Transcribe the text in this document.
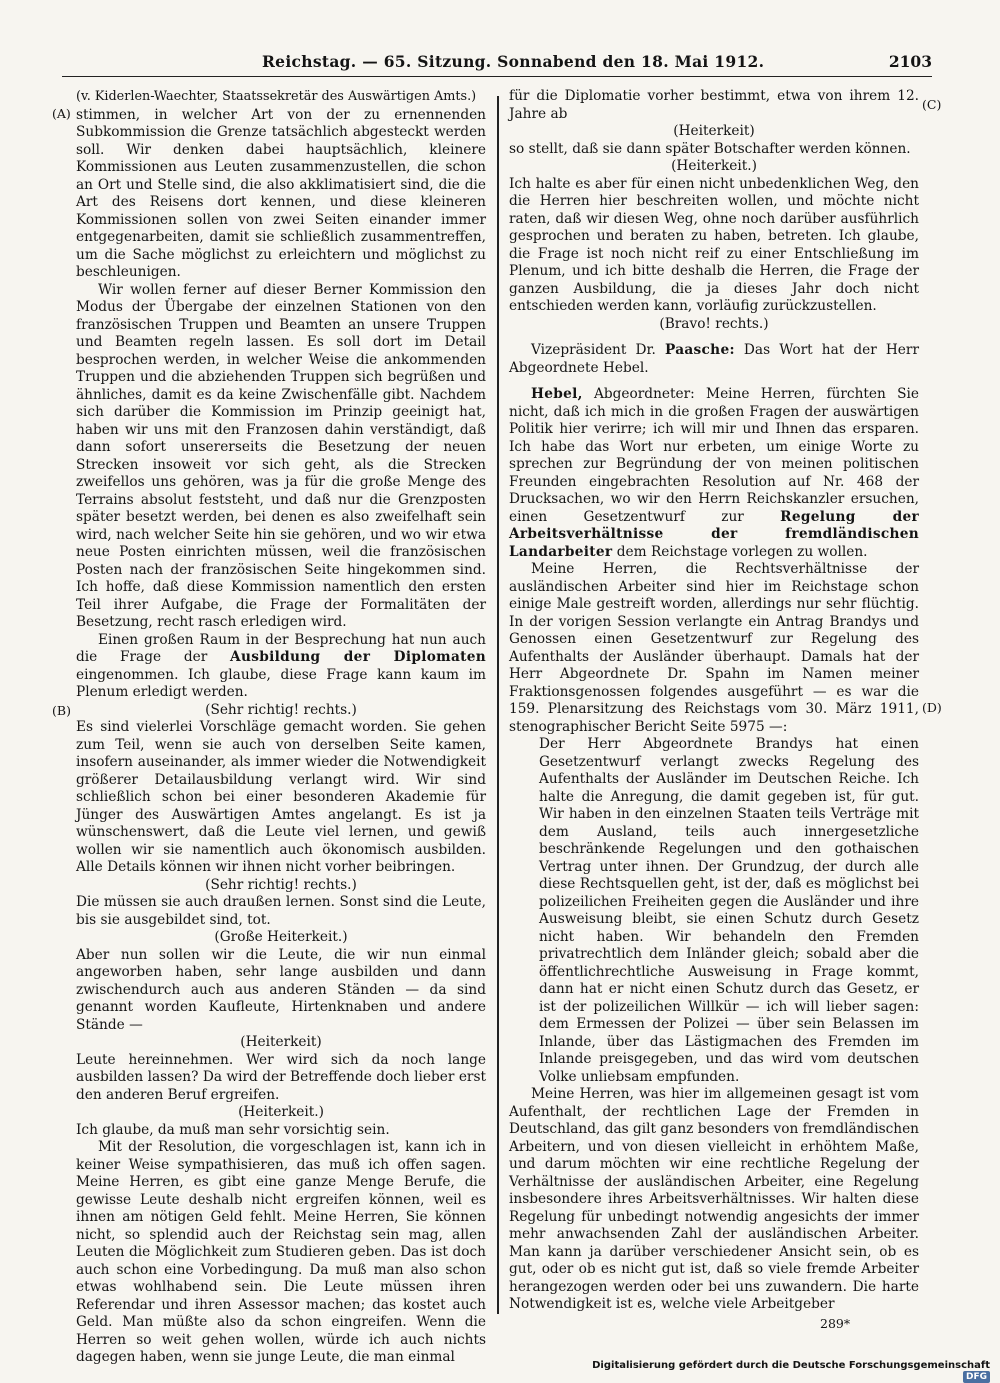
Reichstag. — 65. Sitzung. Sonnabend den 18. Mai 1912.	2103
(A)
(B)
(C)
(D)

(v. Kiderlen-Waechter, Staatssekretär des Auswärtigen Amts.)

stimmen, in welcher Art von der zu ernennenden Subkommission die Grenze tatsächlich abgesteckt werden soll. Wir denken dabei hauptsächlich, kleinere Kommissionen aus Leuten zusammenzustellen, die schon an Ort und Stelle sind, die also akklimatisiert sind, die die Art des Reisens dort kennen, und diese kleineren Kommissionen sollen von zwei Seiten einander immer entgegenarbeiten, damit sie schließlich zusammentreffen, um die Sache möglichst zu erleichtern und möglichst zu beschleunigen.

Wir wollen ferner auf dieser Berner Kommission den Modus der Übergabe der einzelnen Stationen von den französischen Truppen und Beamten an unsere Truppen und Beamten regeln lassen. Es soll dort im Detail besprochen werden, in welcher Weise die ankommenden Truppen und die abziehenden Truppen sich begrüßen und ähnliches, damit es da keine Zwischenfälle gibt. Nachdem sich darüber die Kommission im Prinzip geeinigt hat, haben wir uns mit den Franzosen dahin verständigt, daß dann sofort unsererseits die Besetzung der neuen Strecken insoweit vor sich geht, als die Strecken zweifellos uns gehören, was ja für die große Menge des Terrains absolut feststeht, und daß nur die Grenzposten später besetzt werden, bei denen es also zweifelhaft sein wird, nach welcher Seite hin sie gehören, und wo wir etwa neue Posten einrichten müssen, weil die französischen Posten nach der französischen Seite hingekommen sind. Ich hoffe, daß diese Kommission namentlich den ersten Teil ihrer Aufgabe, die Frage der Formalitäten der Besetzung, recht rasch erledigen wird.

Einen großen Raum in der Besprechung hat nun auch die Frage der Ausbildung der Diplomaten eingenommen. Ich glaube, diese Frage kann kaum im Plenum erledigt werden.

(Sehr richtig! rechts.)

Es sind vielerlei Vorschläge gemacht worden. Sie gehen zum Teil, wenn sie auch von derselben Seite kamen, insofern auseinander, als immer wieder die Notwendigkeit größerer Detailausbildung verlangt wird. Wir sind schließlich schon bei einer besonderen Akademie für Jünger des Auswärtigen Amtes angelangt. Es ist ja wünschenswert, daß die Leute viel lernen, und gewiß wollen wir sie namentlich auch ökonomisch ausbilden. Alle Details können wir ihnen nicht vorher beibringen.

(Sehr richtig! rechts.)

Die müssen sie auch draußen lernen. Sonst sind die Leute, bis sie ausgebildet sind, tot.

(Große Heiterkeit.)

Aber nun sollen wir die Leute, die wir nun einmal angeworben haben, sehr lange ausbilden und dann zwischendurch auch aus anderen Ständen — da sind genannt worden Kaufleute, Hirtenknaben und andere Stände —

(Heiterkeit)

Leute hereinnehmen. Wer wird sich da noch lange ausbilden lassen? Da wird der Betreffende doch lieber erst den anderen Beruf ergreifen.

(Heiterkeit.)

Ich glaube, da muß man sehr vorsichtig sein.

Mit der Resolution, die vorgeschlagen ist, kann ich in keiner Weise sympathisieren, das muß ich offen sagen. Meine Herren, es gibt eine ganze Menge Berufe, die gewisse Leute deshalb nicht ergreifen können, weil es ihnen am nötigen Geld fehlt. Meine Herren, Sie können nicht, so splendid auch der Reichstag sein mag, allen Leuten die Möglichkeit zum Studieren geben. Das ist doch auch schon eine Vorbedingung. Da muß man also schon etwas wohlhabend sein. Die Leute müssen ihren Referendar und ihren Assessor machen; das kostet auch Geld. Man müßte also da schon eingreifen. Wenn die Herren so weit gehen wollen, würde ich auch nichts dagegen haben, wenn sie junge Leute, die man einmal

für die Diplomatie vorher bestimmt, etwa von ihrem 12. Jahre ab

(Heiterkeit)

so stellt, daß sie dann später Botschafter werden können.

(Heiterkeit.)

Ich halte es aber für einen nicht unbedenklichen Weg, den die Herren hier beschreiten wollen, und möchte nicht raten, daß wir diesen Weg, ohne noch darüber ausführlich gesprochen und beraten zu haben, betreten. Ich glaube, die Frage ist noch nicht reif zu einer Entschließung im Plenum, und ich bitte deshalb die Herren, die Frage der ganzen Ausbildung, die ja dieses Jahr doch nicht entschieden werden kann, vorläufig zurückzustellen.

(Bravo! rechts.)

Vizepräsident Dr. Paasche: Das Wort hat der Herr Abgeordnete Hebel.

Hebel, Abgeordneter: Meine Herren, fürchten Sie nicht, daß ich mich in die großen Fragen der auswärtigen Politik hier verirre; ich will mir und Ihnen das ersparen. Ich habe das Wort nur erbeten, um einige Worte zu sprechen zur Begründung der von meinen politischen Freunden eingebrachten Resolution auf Nr. 468 der Drucksachen, wo wir den Herrn Reichskanzler ersuchen, einen Gesetzentwurf zur Regelung der Arbeitsverhältnisse der fremdländischen Landarbeiter dem Reichstage vorlegen zu wollen.

Meine Herren, die Rechtsverhältnisse der ausländischen Arbeiter sind hier im Reichstage schon einige Male gestreift worden, allerdings nur sehr flüchtig. In der vorigen Session verlangte ein Antrag Brandys und Genossen einen Gesetzentwurf zur Regelung des Aufenthalts der Ausländer überhaupt. Damals hat der Herr Abgeordnete Dr. Spahn im Namen meiner Fraktionsgenossen folgendes ausgeführt — es war die 159. Plenarsitzung des Reichstags vom 30. März 1911, stenographischer Bericht Seite 5975 —:

Der Herr Abgeordnete Brandys hat einen Gesetzentwurf verlangt zwecks Regelung des Aufenthalts der Ausländer im Deutschen Reiche. Ich halte die Anregung, die damit gegeben ist, für gut. Wir haben in den einzelnen Staaten teils Verträge mit dem Ausland, teils auch innergesetzliche beschränkende Regelungen und den gothaischen Vertrag unter ihnen. Der Grundzug, der durch alle diese Rechtsquellen geht, ist der, daß es möglichst bei polizeilichen Freiheiten gegen die Ausländer und ihre Ausweisung bleibt, sie einen Schutz durch Gesetz nicht haben. Wir behandeln den Fremden privatrechtlich dem Inländer gleich; sobald aber die öffentlichrechtliche Ausweisung in Frage kommt, dann hat er nicht einen Schutz durch das Gesetz, er ist der polizeilichen Willkür — ich will lieber sagen: dem Ermessen der Polizei — über sein Belassen im Inlande, über das Lästigmachen des Fremden im Inlande preisgegeben, und das wird vom deutschen Volke unliebsam empfunden.

Meine Herren, was hier im allgemeinen gesagt ist vom Aufenthalt, der rechtlichen Lage der Fremden in Deutschland, das gilt ganz besonders von fremdländischen Arbeitern, und von diesen vielleicht in erhöhtem Maße, und darum möchten wir eine rechtliche Regelung der Verhältnisse der ausländischen Arbeiter, eine Regelung insbesondere ihres Arbeitsverhältnisses. Wir halten diese Regelung für unbedingt notwendig angesichts der immer mehr anwachsenden Zahl der ausländischen Arbeiter. Man kann ja darüber verschiedener Ansicht sein, ob es gut, oder ob es nicht gut ist, daß so viele fremde Arbeiter herangezogen werden oder bei uns zuwandern. Die harte Notwendigkeit ist es, welche viele Arbeitgeber

289*
Digitalisierung gefördert durch die Deutsche Forschungsgemeinschaft DFG
